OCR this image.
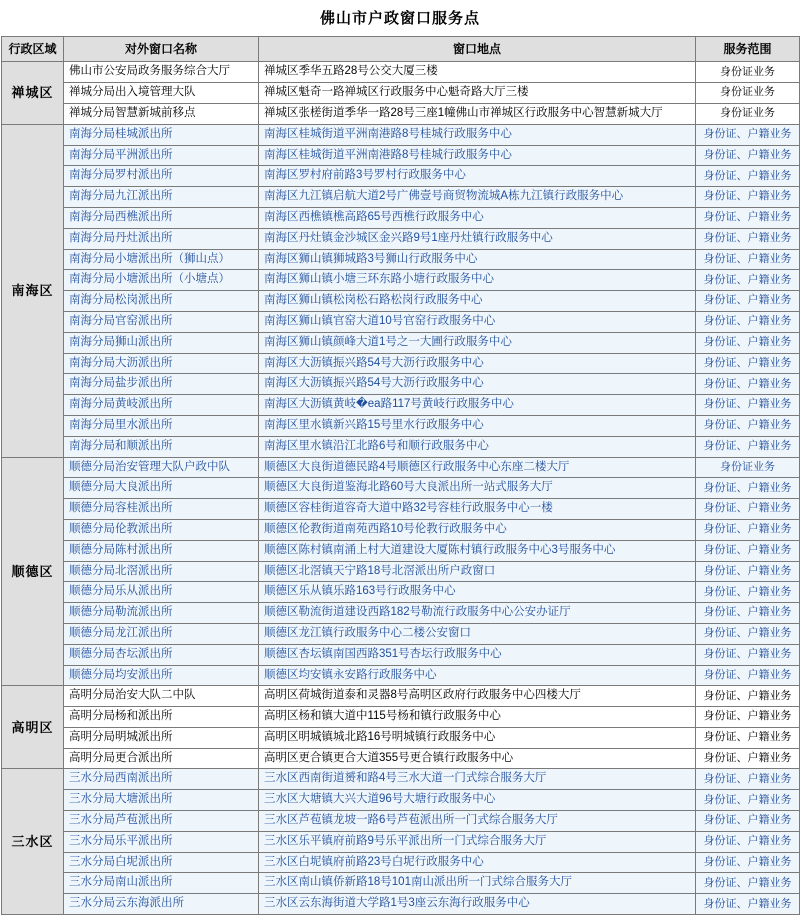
佛山市户政窗口服务点
行政区域	对外窗口名称	窗口地点	服务范围
禅城区	佛山市公安局政务服务综合大厅	禅城区季华五路28号公交大厦三楼	身份证业务
	禅城分局出入境管理大队	禅城区魁奇一路禅城区行政服务中心魁奇路大厅三楼	身份证业务
	禅城分局智慧新城前移点	禅城区张槎街道季华一路28号三座1幢佛山市禅城区行政服务中心智慧新城大厅	身份证业务
南海区	南海分局桂城派出所	南海区桂城街道平洲南港路8号桂城行政服务中心	身份证、户籍业务
	南海分局平洲派出所	南海区桂城街道平洲南港路8号桂城行政服务中心	身份证、户籍业务
	南海分局罗村派出所	南海区罗村府前路3号罗村行政服务中心	身份证、户籍业务
	南海分局九江派出所	南海区九江镇启航大道2号广佛壹号商贸物流城A栋九江镇行政服务中心	身份证、户籍业务
	南海分局西樵派出所	南海区西樵镇樵高路65号西樵行政服务中心	身份证、户籍业务
	南海分局丹灶派出所	南海区丹灶镇金沙城区金兴路9号1座丹灶镇行政服务中心	身份证、户籍业务
	南海分局小塘派出所（狮山点）	南海区狮山镇狮城路3号狮山行政服务中心	身份证、户籍业务
	南海分局小塘派出所（小塘点）	南海区狮山镇小塘三环东路小塘行政服务中心	身份证、户籍业务
	南海分局松岗派出所	南海区狮山镇松岗松石路松岗行政服务中心	身份证、户籍业务
	南海分局官窑派出所	南海区狮山镇官窑大道10号官窑行政服务中心	身份证、户籍业务
	南海分局狮山派出所	南海区狮山镇颜峰大道1号之一大圃行政服务中心	身份证、户籍业务
	南海分局大沥派出所	南海区大沥镇振兴路54号大沥行政服务中心	身份证、户籍业务
	南海分局盐步派出所	南海区大沥镇振兴路54号大沥行政服务中心	身份证、户籍业务
	南海分局黄岐派出所	南海区大沥镇黄岐�ea路117号黄岐行政服务中心	身份证、户籍业务
	南海分局里水派出所	南海区里水镇新兴路15号里水行政服务中心	身份证、户籍业务
	南海分局和顺派出所	南海区里水镇沿江北路6号和顺行政服务中心	身份证、户籍业务
顺德区	顺德分局治安管理大队户政中队	顺德区大良街道德民路4号顺德区行政服务中心东座二楼大厅	身份证业务
	顺德分局大良派出所	顺德区大良街道鉴海北路60号大良派出所一站式服务大厅	身份证、户籍业务
	顺德分局容桂派出所	顺德区容桂街道容奇大道中路32号容桂行政服务中心一楼	身份证、户籍业务
	顺德分局伦教派出所	顺德区伦教街道南苑西路10号伦教行政服务中心	身份证、户籍业务
	顺德分局陈村派出所	顺德区陈村镇南涌上村大道建设大厦陈村镇行政服务中心3号服务中心	身份证、户籍业务
	顺德分局北滘派出所	顺德区北滘镇天宁路18号北滘派出所户政窗口	身份证、户籍业务
	顺德分局乐从派出所	顺德区乐从镇乐路163号行政服务中心	身份证、户籍业务
	顺德分局勒流派出所	顺德区勒流街道建设西路182号勒流行政服务中心公安办证厅	身份证、户籍业务
	顺德分局龙江派出所	顺德区龙江镇行政服务中心二楼公安窗口	身份证、户籍业务
	顺德分局杏坛派出所	顺德区杏坛镇南国西路351号杏坛行政服务中心	身份证、户籍业务
	顺德分局均安派出所	顺德区均安镇永安路行政服务中心	身份证、户籍业务
高明区	高明分局治安大队二中队	高明区荷城街道泰和灵器8号高明区政府行政服务中心四楼大厅	身份证、户籍业务
	高明分局杨和派出所	高明区杨和镇大道中115号杨和镇行政服务中心	身份证、户籍业务
	高明分局明城派出所	高明区明城镇城北路16号明城镇行政服务中心	身份证、户籍业务
	高明分局更合派出所	高明区更合镇更合大道355号更合镇行政服务中心	身份证、户籍业务
三水区	三水分局西南派出所	三水区西南街道赟和路4号三水大道一门式综合服务大厅	身份证、户籍业务
	三水分局大塘派出所	三水区大塘镇大兴大道96号大塘行政服务中心	身份证、户籍业务
	三水分局芦苞派出所	三水区芦苞镇龙坡一路6号芦苞派出所一门式综合服务大厅	身份证、户籍业务
	三水分局乐平派出所	三水区乐平镇府前路9号乐平派出所一门式综合服务大厅	身份证、户籍业务
	三水分局白坭派出所	三水区白坭镇府前路23号白坭行政服务中心	身份证、户籍业务
	三水分局南山派出所	三水区南山镇侨新路18号101南山派出所一门式综合服务大厅	身份证、户籍业务
	三水分局云东海派出所	三水区云东海街道大学路1号3座云东海行政服务中心	身份证、户籍业务
